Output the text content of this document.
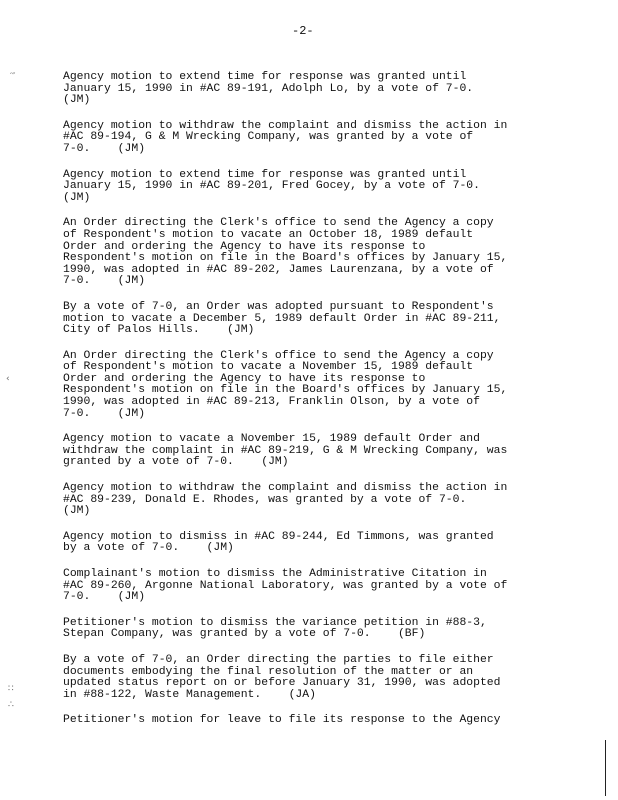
-2-
′″
‹
∷
∴

Agency motion to extend time for response was granted until
January 15, 1990 in #AC 89-191, Adolph Lo, by a vote of 7-0.
(JM)

Agency motion to withdraw the complaint and dismiss the action in
#AC 89-194, G & M Wrecking Company, was granted by a vote of
7-0.    (JM)

Agency motion to extend time for response was granted until
January 15, 1990 in #AC 89-201, Fred Gocey, by a vote of 7-0.
(JM)

An Order directing the Clerk's office to send the Agency a copy
of Respondent's motion to vacate an October 18, 1989 default
Order and ordering the Agency to have its response to
Respondent's motion on file in the Board's offices by January 15,
1990, was adopted in #AC 89-202, James Laurenzana, by a vote of
7-0.    (JM)

By a vote of 7-0, an Order was adopted pursuant to Respondent's
motion to vacate a December 5, 1989 default Order in #AC 89-211,
City of Palos Hills.    (JM)

An Order directing the Clerk's office to send the Agency a copy
of Respondent's motion to vacate a November 15, 1989 default
Order and ordering the Agency to have its response to
Respondent's motion on file in the Board's offices by January 15,
1990, was adopted in #AC 89-213, Franklin Olson, by a vote of
7-0.    (JM)

Agency motion to vacate a November 15, 1989 default Order and
withdraw the complaint in #AC 89-219, G & M Wrecking Company, was
granted by a vote of 7-0.    (JM)

Agency motion to withdraw the complaint and dismiss the action in
#AC 89-239, Donald E. Rhodes, was granted by a vote of 7-0.
(JM)

Agency motion to dismiss in #AC 89-244, Ed Timmons, was granted
by a vote of 7-0.    (JM)

Complainant's motion to dismiss the Administrative Citation in
#AC 89-260, Argonne National Laboratory, was granted by a vote of
7-0.    (JM)

Petitioner's motion to dismiss the variance petition in #88-3,
Stepan Company, was granted by a vote of 7-0.    (BF)

By a vote of 7-0, an Order directing the parties to file either
documents embodying the final resolution of the matter or an
updated status report on or before January 31, 1990, was adopted
in #88-122, Waste Management.    (JA)

Petitioner's motion for leave to file its response to the Agency
